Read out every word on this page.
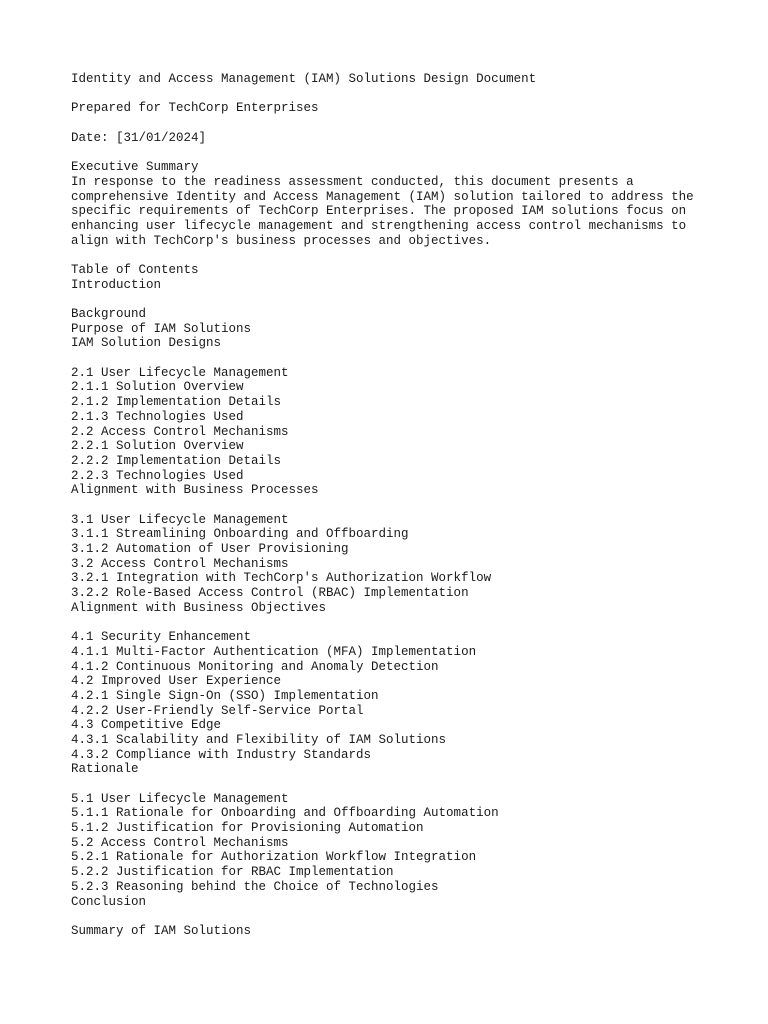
Identity and Access Management (IAM) Solutions Design Document
Prepared for TechCorp Enterprises
Date: [31/01/2024]
Executive Summary
In response to the readiness assessment conducted, this document presents a
comprehensive Identity and Access Management (IAM) solution tailored to address the
specific requirements of TechCorp Enterprises. The proposed IAM solutions focus on
enhancing user lifecycle management and strengthening access control mechanisms to
align with TechCorp's business processes and objectives.
Table of Contents
Introduction
Background
Purpose of IAM Solutions
IAM Solution Designs
2.1 User Lifecycle Management
2.1.1 Solution Overview
2.1.2 Implementation Details
2.1.3 Technologies Used
2.2 Access Control Mechanisms
2.2.1 Solution Overview
2.2.2 Implementation Details
2.2.3 Technologies Used
Alignment with Business Processes
3.1 User Lifecycle Management
3.1.1 Streamlining Onboarding and Offboarding
3.1.2 Automation of User Provisioning
3.2 Access Control Mechanisms
3.2.1 Integration with TechCorp's Authorization Workflow
3.2.2 Role-Based Access Control (RBAC) Implementation
Alignment with Business Objectives
4.1 Security Enhancement
4.1.1 Multi-Factor Authentication (MFA) Implementation
4.1.2 Continuous Monitoring and Anomaly Detection
4.2 Improved User Experience
4.2.1 Single Sign-On (SSO) Implementation
4.2.2 User-Friendly Self-Service Portal
4.3 Competitive Edge
4.3.1 Scalability and Flexibility of IAM Solutions
4.3.2 Compliance with Industry Standards
Rationale
5.1 User Lifecycle Management
5.1.1 Rationale for Onboarding and Offboarding Automation
5.1.2 Justification for Provisioning Automation
5.2 Access Control Mechanisms
5.2.1 Rationale for Authorization Workflow Integration
5.2.2 Justification for RBAC Implementation
5.2.3 Reasoning behind the Choice of Technologies
Conclusion
Summary of IAM Solutions
